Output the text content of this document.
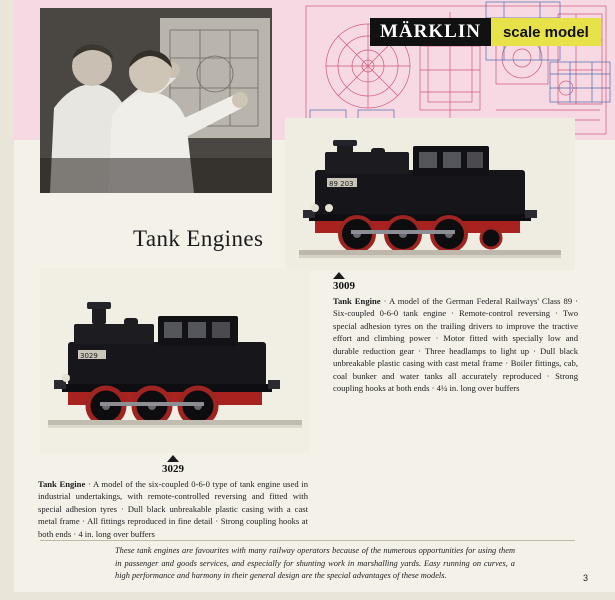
MÄRKLIN	scale model
Tank Engines
89 203
3029
3009
Tank Engine · A model of the German Federal Railways' Class 89 · Six-coupled 0-6-0 tank engine · Remote-control reversing · Two special adhesion tyres on the trailing drivers to improve the tractive effort and climbing power · Motor fitted with specially low and durable reduction gear · Three headlamps to light up · Dull black unbreakable plastic casing with cast metal frame · Boiler fittings, cab, coal bunker and water tanks all accurately reproduced · Strong coupling hooks at both ends · 4¼ in. long over buffers
3029
Tank Engine · A model of the six-coupled 0-6-0 type of tank engine used in industrial undertakings, with remote-controlled reversing and fitted with special adhesion tyres · Dull black unbreakable plastic casing with a cast metal frame · All fittings reproduced in fine detail · Strong coupling hooks at both ends · 4 in. long over buffers
These tank engines are favourites with many railway operators because of the numerous opportunities for using them in passenger and goods services, and especially for shunting work in marshalling yards. Easy running on curves, a high performance and harmony in their general design are the special advantages of these models.	3
